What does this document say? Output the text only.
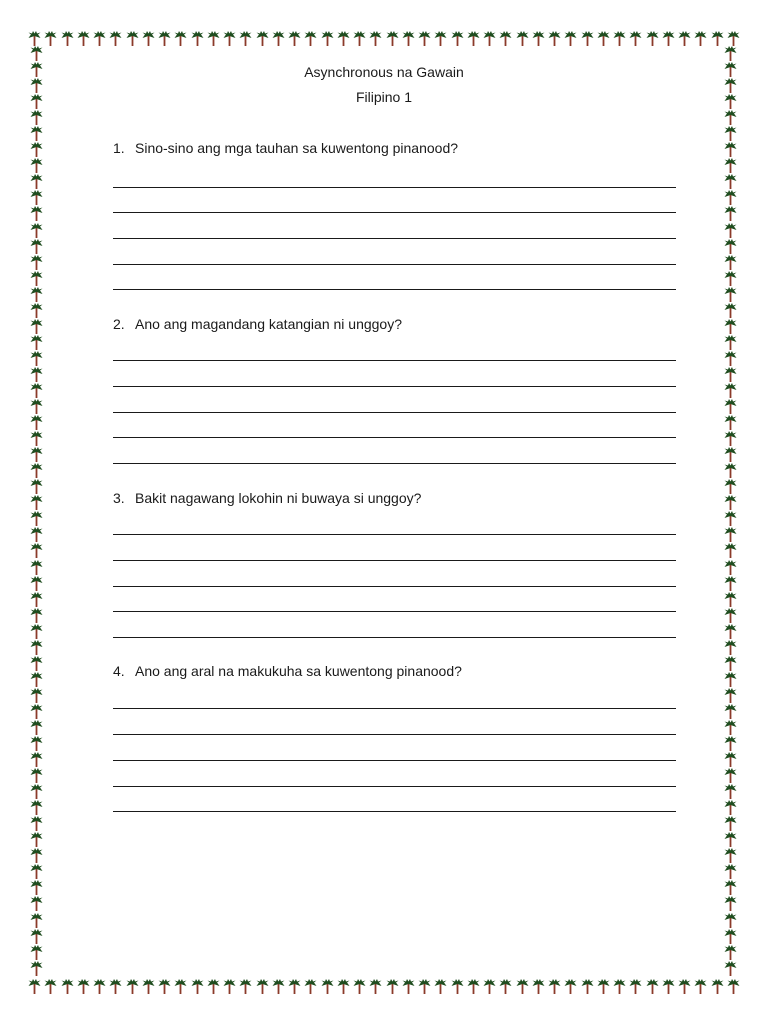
Asynchronous na Gawain
Filipino 1
1. Sino-sino ang mga tauhan sa kuwentong pinanood?
2. Ano ang magandang katangian ni unggoy?
3. Bakit nagawang lokohin ni buwaya si unggoy?
4. Ano ang aral na makukuha sa kuwentong pinanood?
